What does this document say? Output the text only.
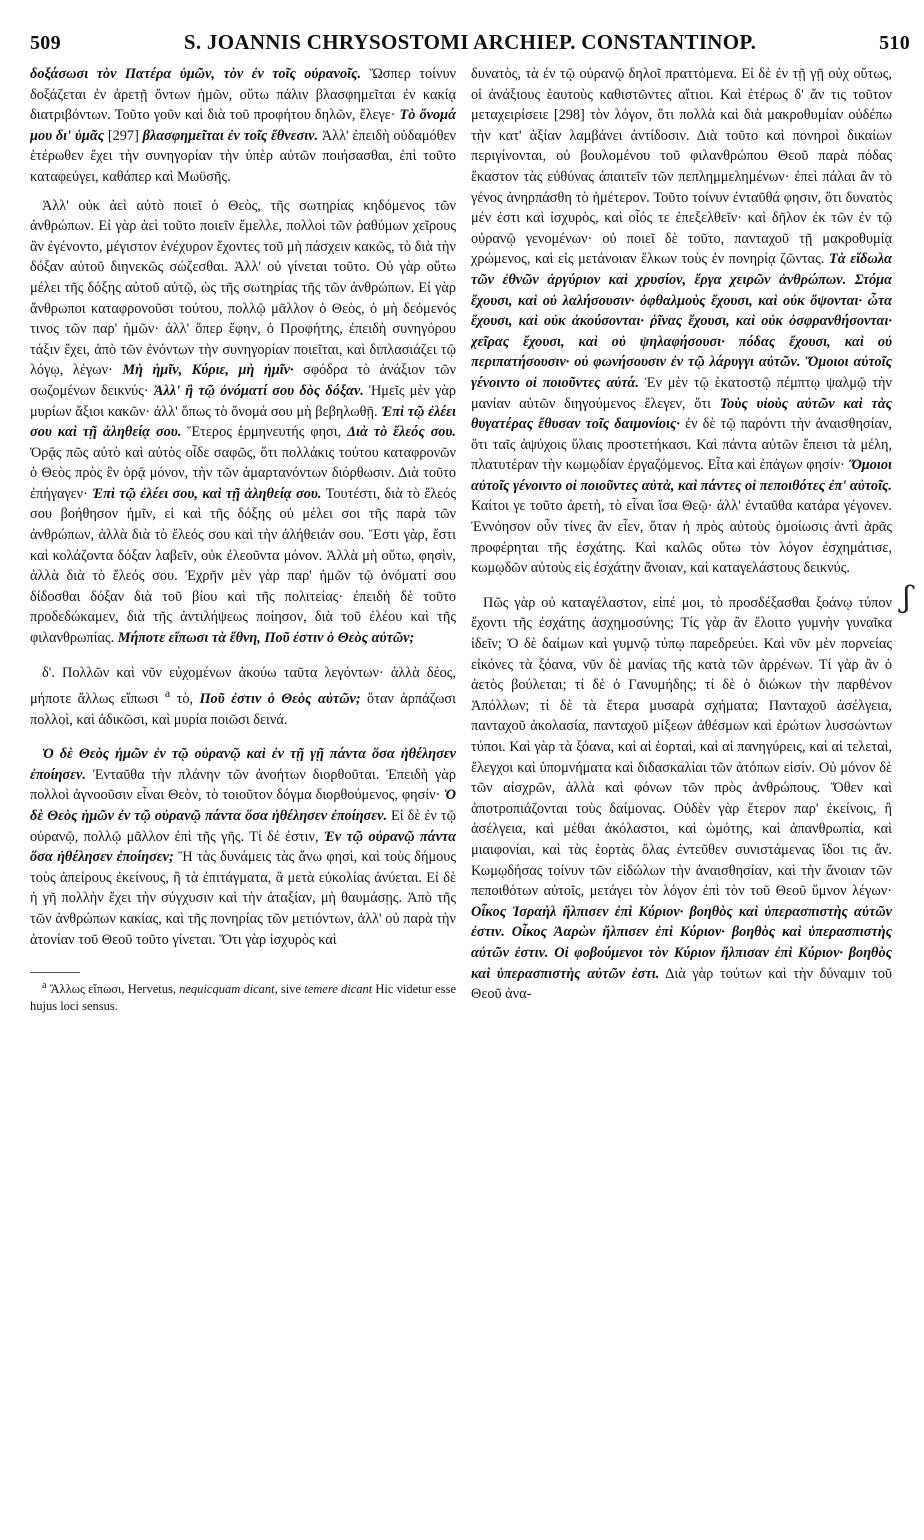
509	S. JOANNIS CHRYSOSTOMI ARCHIEP. CONSTANTINOP.	510

δοξάσωσι τὸν Πατέρα ὑμῶν, τὸν ἐν τοῖς οὐρανοῖς. Ὥσπερ τοίνυν δοξάζεται ἐν ἀρετῇ ὄντων ἡμῶν, οὕτω πάλιν βλασφημεῖται ἐν κακίᾳ διατριβόντων. Τοῦτο γοῦν καὶ διὰ τοῦ προφήτου δηλῶν, ἔλεγε· Τὸ ὄνομά μου δι' ὑμᾶς [297] βλασφημεῖται ἐν τοῖς ἔθνεσιν. Ἀλλ' ἐπειδὴ οὐδαμόθεν ἑτέρωθεν ἔχει τὴν συνηγορίαν τὴν ὑπὲρ αὐτῶν ποιήσασθαι, ἐπὶ τοῦτο καταφεύγει, καθάπερ καὶ Μωϋσῆς.

Ἀλλ' οὐκ ἀεὶ αὐτὸ ποιεῖ ὁ Θεὸς, τῆς σωτηρίας κηδόμενος τῶν ἀνθρώπων. Εἰ γὰρ ἀεὶ τοῦτο ποιεῖν ἔμελλε, πολλοὶ τῶν ῥαθύμων χεῖρους ἂν ἐγένοντο, μέγιστον ἐνέχυρον ἔχοντες τοῦ μὴ πάσχειν κακῶς, τὸ διὰ τὴν δόξαν αὐτοῦ διηνεκῶς σώζεσθαι. Ἀλλ' οὐ γίνεται τοῦτο. Οὐ γὰρ οὕτω μέλει τῆς δόξης αὐτοῦ αὐτῷ, ὡς τῆς σωτηρίας τῆς τῶν ἀνθρώπων. Εἰ γὰρ ἄνθρωποι καταφρονοῦσι τούτου, πολλῷ μᾶλλον ὁ Θεὸς, ὁ μὴ δεόμενός τινος τῶν παρ' ἡμῶν· ἀλλ' ὅπερ ἔφην, ὁ Προφήτης, ἐπειδὴ συνηγόρου τάξιν ἔχει, ἀπὸ τῶν ἐνόντων τὴν συνηγορίαν ποιεῖται, καὶ διπλασιάζει τῷ λόγῳ, λέγων· Μὴ ἡμῖν, Κύριε, μὴ ἡμῖν· σφόδρα τὸ ἀνάξιον τῶν σωζομένων δεικνύς· Ἀλλ' ἢ τῷ ὀνόματί σου δὸς δόξαν. Ἡμεῖς μὲν γὰρ μυρίων ἄξιοι κακῶν· ἀλλ' ὅπως τὸ ὄνομά σου μὴ βεβηλωθῇ. Ἐπὶ τῷ ἐλέει σου καὶ τῇ ἀληθείᾳ σου. Ἕτερος ἑρμηνευτής φησι, Διὰ τὸ ἔλεός σου. Ὁρᾷς πῶς αὐτὸ καὶ αὐτὸς οἶδε σαφῶς, ὅτι πολλάκις τούτου καταφρονῶν ὁ Θεὸς πρὸς ἓν ὁρᾷ μόνον, τὴν τῶν ἁμαρτανόντων διόρθωσιν. Διὰ τοῦτο ἐπήγαγεν· Ἐπὶ τῷ ἐλέει σου, καὶ τῇ ἀληθείᾳ σου. Τουτέστι, διὰ τὸ ἔλεός σου βοήθησον ἡμῖν, εἰ καὶ τῆς δόξης οὐ μέλει σοι τῆς παρὰ τῶν ἀνθρώπων, ἀλλὰ διὰ τὸ ἔλεός σου καὶ τὴν ἀλήθειάν σου. Ἔστι γὰρ, ἔστι καὶ κολάζοντα δόξαν λαβεῖν, οὐκ ἐλεοῦντα μόνον. Ἀλλὰ μὴ οὕτω, φησὶν, ἀλλὰ διὰ τὸ ἔλεός σου. Ἐχρῆν μὲν γὰρ παρ' ἡμῶν τῷ ὀνόματί σου δίδοσθαι δόξαν διὰ τοῦ βίου καὶ τῆς πολιτείας· ἐπειδὴ δὲ τοῦτο προδεδώκαμεν, διὰ τῆς ἀντιλήψεως ποίησον, διὰ τοῦ ἐλέου καὶ τῆς φιλανθρωπίας. Μήποτε εἴπωσι τὰ ἔθνη, Ποῦ ἐστιν ὁ Θεὸς αὐτῶν;

δ'. Πολλῶν καὶ νῦν εὐχομένων ἀκούω ταῦτα λεγόντων· ἀλλὰ δέος, μήποτε ἄλλως εἴπωσι $^a$ τὸ, Ποῦ ἐστιν ὁ Θεὸς αὐτῶν; ὅταν ἁρπάζωσι πολλοὶ, καὶ ἀδικῶσι, καὶ μυρία ποιῶσι δεινά.

Ὁ δὲ Θεὸς ἡμῶν ἐν τῷ οὐρανῷ καὶ ἐν τῇ γῇ πάντα ὅσα ἠθέλησεν ἐποίησεν. Ἐνταῦθα τὴν πλάνην τῶν ἀνοήτων διορθοῦται. Ἐπειδὴ γὰρ πολλοὶ ἀγνοοῦσιν εἶναι Θεὸν, τὸ τοιοῦτον δόγμα διορθούμενος, φησίν· Ὁ δὲ Θεὸς ἡμῶν ἐν τῷ οὐρανῷ πάντα ὅσα ἠθέλησεν ἐποίησεν. Εἰ δὲ ἐν τῷ οὐρανῷ, πολλῷ μᾶλλον ἐπὶ τῆς γῆς. Τί δέ ἐστιν, Ἐν τῷ οὐρανῷ πάντα ὅσα ἠθέλησεν ἐποίησεν; Ἢ τὰς δυνάμεις τὰς ἄνω φησὶ, καὶ τοὺς δήμους τοὺς ἀπείρους ἐκείνους, ἢ τὰ ἐπιτάγματα, ἃ μετὰ εὐκολίας ἀνύεται. Εἰ δὲ ἡ γῆ πολλὴν ἔχει τὴν σύγχυσιν καὶ τὴν ἀταξίαν, μὴ θαυμάσῃς. Ἀπὸ τῆς τῶν ἀνθρώπων κακίας, καὶ τῆς πονηρίας τῶν μετιόντων, ἀλλ' οὐ παρὰ τὴν ἀτονίαν τοῦ Θεοῦ τοῦτο γίνεται. Ὅτι γὰρ ἰσχυρὸς καὶ

$^a$ Ἄλλως εἴπωσι, Hervetus, nequicquam dicant, sive temere dicant Hic videtur esse hujus loci sensus.

δυνατὸς, τὰ ἐν τῷ οὐρανῷ δηλοῖ πραττόμενα. Εἰ δὲ ἐν τῇ γῇ οὐχ οὕτως, οἱ ἀνάξιους ἑαυτοὺς καθιστῶντες αἴτιοι. Καὶ ἑτέρως δ' ἄν τις τοῦτον μεταχειρίσειε [298] τὸν λόγον, ὅτι πολλὰ καὶ διὰ μακροθυμίαν οὐδέπω τὴν κατ' ἀξίαν λαμβάνει ἀντίδοσιν. Διὰ τοῦτο καὶ πονηροὶ δικαίων περιγίνονται, οὐ βουλομένου τοῦ φιλανθρώπου Θεοῦ παρὰ πόδας ἕκαστον τὰς εὐθύνας ἀπαιτεῖν τῶν πεπλημμελημένων· ἐπεὶ πάλαι ἂν τὸ γένος ἀνηρπάσθη τὸ ἡμέτερον. Τοῦτο τοίνυν ἐνταῦθά φησιν, ὅτι δυνατὸς μέν ἐστι καὶ ἰσχυρὸς, καὶ οἷός τε ἐπεξελθεῖν· καὶ δῆλον ἐκ τῶν ἐν τῷ οὐρανῷ γενομένων· οὐ ποιεῖ δὲ τοῦτο, πανταχοῦ τῇ μακροθυμίᾳ χρώμενος, καὶ εἰς μετάνοιαν ἕλκων τοὺς ἐν πονηρίᾳ ζῶντας. Τὰ εἴδωλα τῶν ἐθνῶν ἀργύριον καὶ χρυσίον, ἔργα χειρῶν ἀνθρώπων. Στόμα ἔχουσι, καὶ οὐ λαλήσουσιν· ὀφθαλμοὺς ἔχουσι, καὶ οὐκ ὄψονται· ὦτα ἔχουσι, καὶ οὐκ ἀκούσονται· ῥῖνας ἔχουσι, καὶ οὐκ ὀσφρανθήσονται· χεῖρας ἔχουσι, καὶ οὐ ψηλαφήσουσι· πόδας ἔχουσι, καὶ οὐ περιπατήσουσιν· οὐ φωνήσουσιν ἐν τῷ λάρυγγι αὐτῶν. Ὅμοιοι αὐτοῖς γένοιντο οἱ ποιοῦντες αὐτά. Ἐν μὲν τῷ ἑκατοστῷ πέμπτῳ ψαλμῷ τὴν μανίαν αὐτῶν διηγούμενος ἔλεγεν, ὅτι Τοὺς υἱοὺς αὐτῶν καὶ τὰς θυγατέρας ἔθυσαν τοῖς δαιμονίοις· ἐν δὲ τῷ παρόντι τὴν ἀναισθησίαν, ὅτι ταῖς ἀψύχοις ὕλαις προστετήκασι. Καὶ πάντα αὐτῶν ἔπεισι τὰ μέλη, πλατυτέραν τὴν κωμῳδίαν ἐργαζόμενος. Εἶτα καὶ ἐπάγων φησίν· Ὅμοιοι αὐτοῖς γένοιντο οἱ ποιοῦντες αὐτὰ, καὶ πάντες οἱ πεποιθότες ἐπ' αὐτοῖς. Καίτοι γε τοῦτο ἀρετὴ, τὸ εἶναι ἴσα Θεῷ· ἀλλ' ἐνταῦθα κατάρα γέγονεν. Ἐννόησον οὖν τίνες ἂν εἶεν, ὅταν ἡ πρὸς αὐτοὺς ὁμοίωσις ἀντὶ ἀρᾶς προφέρηται τῆς ἐσχάτης. Καὶ καλῶς οὕτω τὸν λόγον ἐσχημάτισε, κωμῳδῶν αὐτοὺς εἰς ἐσχάτην ἄνοιαν, καὶ καταγελάστους δεικνύς.

Πῶς γὰρ οὐ καταγέλαστον, εἰπέ μοι, τὸ προσδέξασθαι ξοάνῳ τύπον ἔχοντι τῆς ἐσχάτης ἀσχημοσύνης; Τίς γὰρ ἂν ἕλοιτο γυμνὴν γυναῖκα ἰδεῖν; Ὁ δὲ δαίμων καὶ γυμνῷ τύπῳ παρεδρεύει. Καὶ νῦν μὲν πορνείας εἰκόνες τὰ ξόανα, νῦν δὲ μανίας τῆς κατὰ τῶν ἀρρένων. Τί γὰρ ἂν ὁ ἀετὸς βούλεται; τί δὲ ὁ Γανυμήδης; τί δὲ ὁ διώκων τὴν παρθένον Ἀπόλλων; τί δὲ τὰ ἕτερα μυσαρὰ σχήματα; Πανταχοῦ ἀσέλγεια, πανταχοῦ ἀκολασία, πανταχοῦ μίξεων ἀθέσμων καὶ ἐρώτων λυσσώντων τύποι. Καὶ γὰρ τὰ ξόανα, καὶ αἱ ἑορταὶ, καὶ αἱ πανηγύρεις, καὶ αἱ τελεταὶ, ἔλεγχοι καὶ ὑπομνήματα καὶ διδασκαλίαι τῶν ἀτόπων εἰσίν. Οὐ μόνον δὲ τῶν αἰσχρῶν, ἀλλὰ καὶ φόνων τῶν πρὸς ἀνθρώπους. Ὅθεν καὶ ἀποτροπιάζονται τοὺς δαίμονας. Οὐδὲν γὰρ ἕτερον παρ' ἐκείνοις, ἢ ἀσέλγεια, καὶ μέθαι ἀκόλαστοι, καὶ ὠμότης, καὶ ἀπανθρωπία, καὶ μιαιφονίαι, καὶ τὰς ἑορτὰς ὅλας ἐντεῦθεν συνιστάμενας ἴδοι τις ἄν. Κωμῳδήσας τοίνυν τῶν εἰδώλων τὴν ἀναισθησίαν, καὶ τὴν ἄνοιαν τῶν πεποιθότων αὐτοῖς, μετάγει τὸν λόγον ἐπὶ τὸν τοῦ Θεοῦ ὕμνον λέγων· Οἶκος Ἰσραὴλ ἤλπισεν ἐπὶ Κύριον· βοηθὸς καὶ ὑπερασπιστὴς αὐτῶν ἐστιν. Οἶκος Ἀαρὼν ἤλπισεν ἐπὶ Κύριον· βοηθὸς καὶ ὑπερασπιστὴς αὐτῶν ἐστιν. Οἱ φοβούμενοι τὸν Κύριον ἤλπισαν ἐπὶ Κύριον· βοηθὸς καὶ ὑπερασπιστὴς αὐτῶν ἐστι. Διὰ γὰρ τούτων καὶ τὴν δύναμιν τοῦ Θεοῦ ἀνα-

ʃ
